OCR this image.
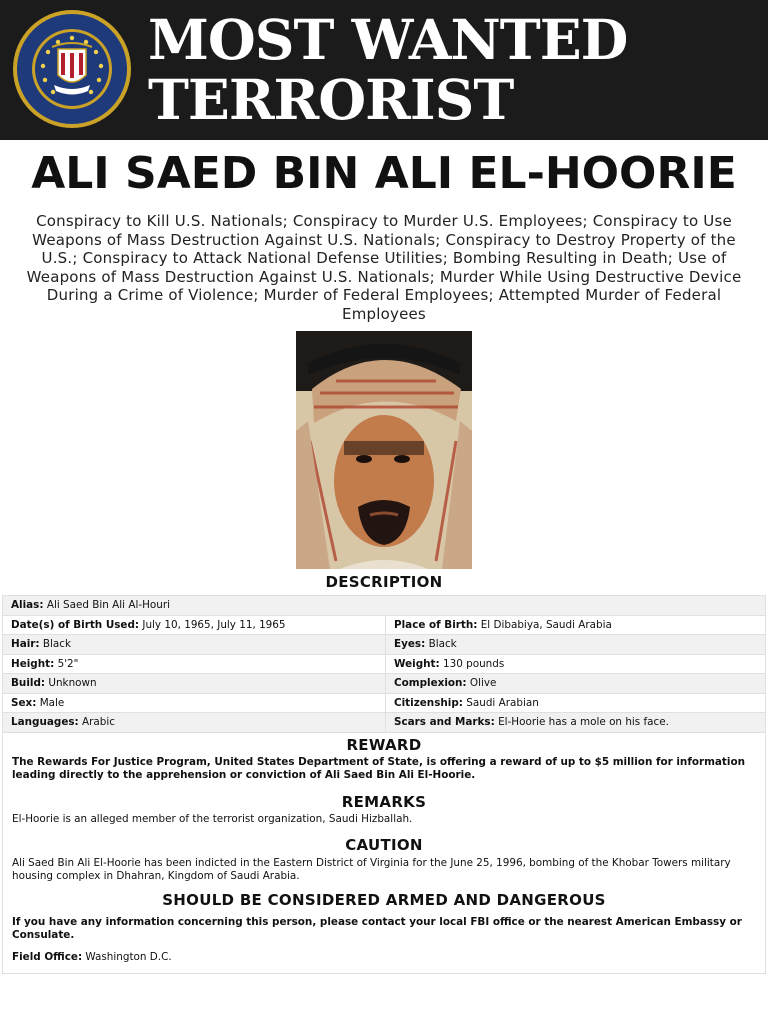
MOST WANTED
TERRORIST
ALI SAED BIN ALI EL-HOORIE

Conspiracy to Kill U.S. Nationals; Conspiracy to Murder U.S. Employees; Conspiracy to Use Weapons of Mass Destruction Against U.S. Nationals; Conspiracy to Destroy Property of the U.S.; Conspiracy to Attack National Defense Utilities; Bombing Resulting in Death; Use of Weapons of Mass Destruction Against U.S. Nationals; Murder While Using Destructive Device During a Crime of Violence; Murder of Federal Employees; Attempted Murder of Federal Employees

DESCRIPTION
Alias: Ali Saed Bin Ali Al-Houri	
Date(s) of Birth Used: July 10, 1965, July 11, 1965	Place of Birth: El Dibabiya, Saudi Arabia
Hair: Black	Eyes: Black
Height: 5'2"	Weight: 130 pounds
Build: Unknown	Complexion: Olive
Sex: Male	Citizenship: Saudi Arabian
Languages: Arabic	Scars and Marks: El-Hoorie has a mole on his face.
REWARD

The Rewards For Justice Program, United States Department of State, is offering a reward of up to $5 million for information leading directly to the apprehension or conviction of Ali Saed Bin Ali El-Hoorie.

REMARKS

El-Hoorie is an alleged member of the terrorist organization, Saudi Hizballah.

CAUTION

Ali Saed Bin Ali El-Hoorie has been indicted in the Eastern District of Virginia for the June 25, 1996, bombing of the Khobar Towers military housing complex in Dhahran, Kingdom of Saudi Arabia.

SHOULD BE CONSIDERED ARMED AND DANGEROUS

If you have any information concerning this person, please contact your local FBI office or the nearest American Embassy or Consulate.

Field Office: Washington D.C.
